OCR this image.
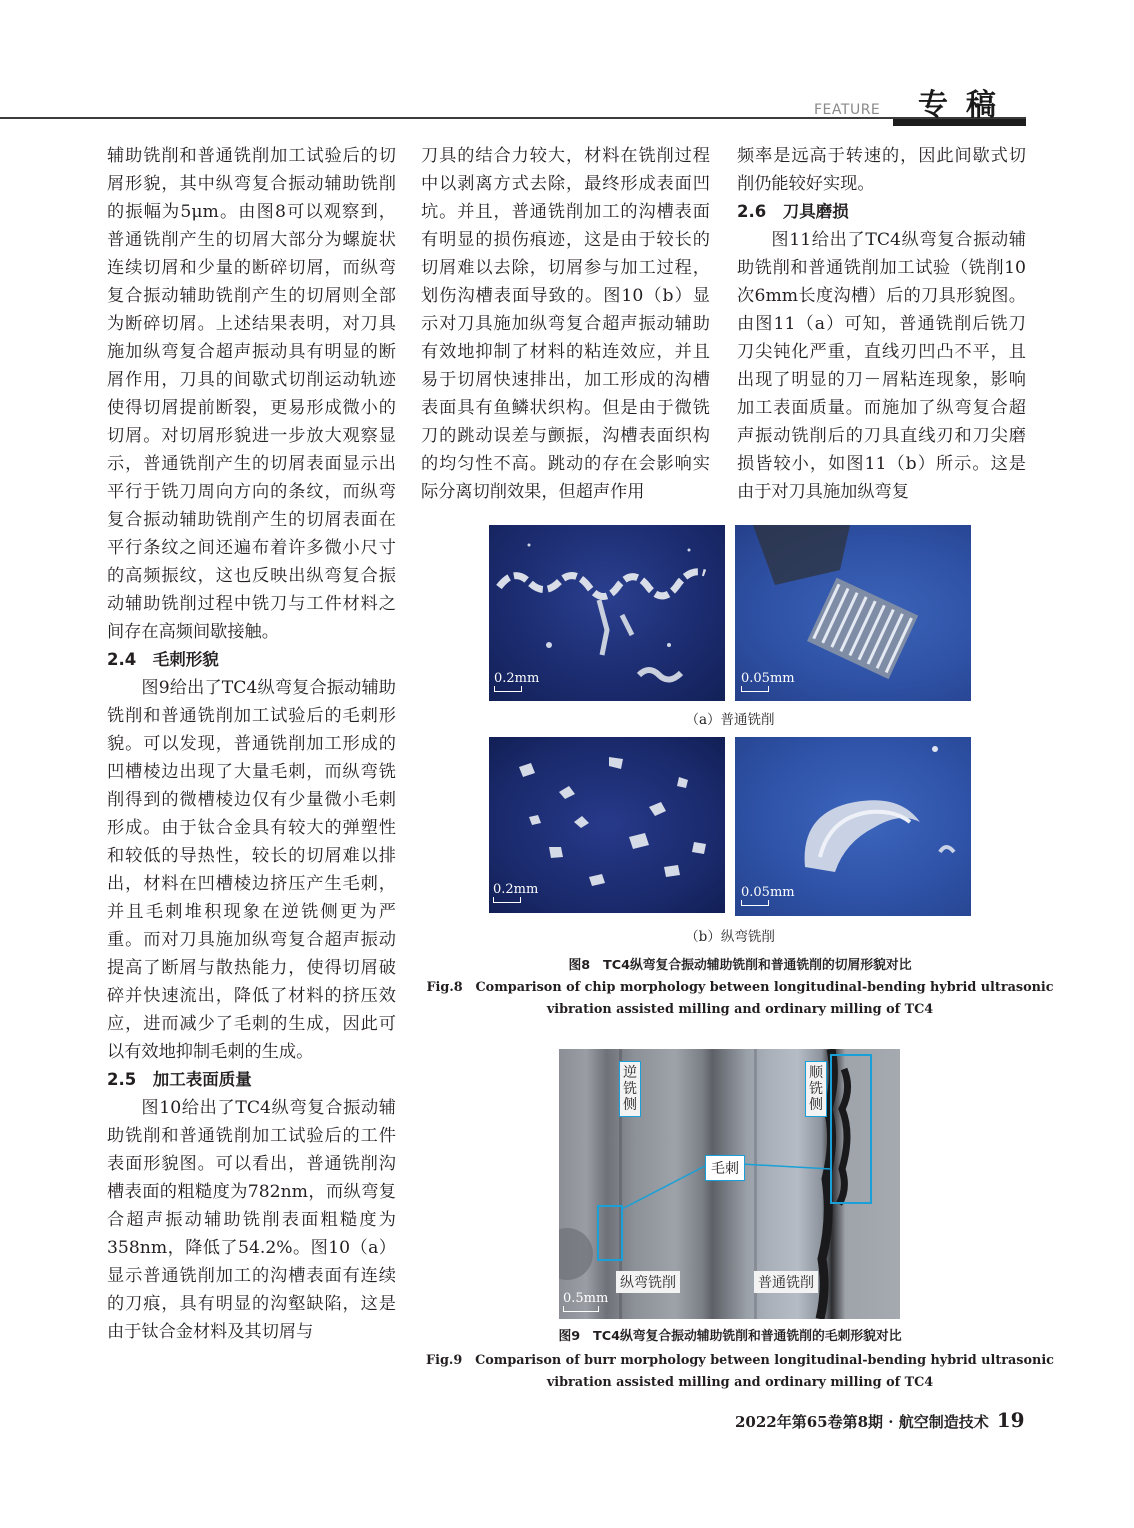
FEATURE 专稿

辅助铣削和普通铣削加工试验后的切屑形貌，其中纵弯复合振动辅助铣削的振幅为5μm。由图8可以观察到，普通铣削产生的切屑大部分为螺旋状连续切屑和少量的断碎切屑，而纵弯复合振动辅助铣削产生的切屑则全部为断碎切屑。上述结果表明，对刀具施加纵弯复合超声振动具有明显的断屑作用，刀具的间歇式切削运动轨迹使得切屑提前断裂，更易形成微小的切屑。对切屑形貌进一步放大观察显示，普通铣削产生的切屑表面显示出平行于铣刀周向方向的条纹，而纵弯复合振动辅助铣削产生的切屑表面在平行条纹之间还遍布着许多微小尺寸的高频振纹，这也反映出纵弯复合振动辅助铣削过程中铣刀与工件材料之间存在高频间歇接触。

2.4　毛刺形貌

图9给出了TC4纵弯复合振动辅助铣削和普通铣削加工试验后的毛刺形貌。可以发现，普通铣削加工形成的凹槽棱边出现了大量毛刺，而纵弯铣削得到的微槽棱边仅有少量微小毛刺形成。由于钛合金具有较大的弹塑性和较低的导热性，较长的切屑难以排出，材料在凹槽棱边挤压产生毛刺，并且毛刺堆积现象在逆铣侧更为严重。而对刀具施加纵弯复合超声振动提高了断屑与散热能力，使得切屑破碎并快速流出，降低了材料的挤压效应，进而减少了毛刺的生成，因此可以有效地抑制毛刺的生成。

2.5　加工表面质量

图10给出了TC4纵弯复合振动辅助铣削和普通铣削加工试验后的工件表面形貌图。可以看出，普通铣削沟槽表面的粗糙度为782nm，而纵弯复合超声振动辅助铣削表面粗糙度为358nm，降低了54.2%。图10（a）显示普通铣削加工的沟槽表面有连续的刀痕，具有明显的沟壑缺陷，这是由于钛合金材料及其切屑与

刀具的结合力较大，材料在铣削过程中以剥离方式去除，最终形成表面凹坑。并且，普通铣削加工的沟槽表面有明显的损伤痕迹，这是由于较长的切屑难以去除，切屑参与加工过程，划伤沟槽表面导致的。图10（b）显示对刀具施加纵弯复合超声振动辅助有效地抑制了材料的粘连效应，并且易于切屑快速排出，加工形成的沟槽表面具有鱼鳞状织构。但是由于微铣刀的跳动误差与颤振，沟槽表面织构的均匀性不高。跳动的存在会影响实际分离切削效果，但超声作用

频率是远高于转速的，因此间歇式切削仍能较好实现。

2.6　刀具磨损

图11给出了TC4纵弯复合振动辅助铣削和普通铣削加工试验（铣削10次6mm长度沟槽）后的刀具形貌图。由图11（a）可知，普通铣削后铣刀刀尖钝化严重，直线刃凹凸不平，且出现了明显的刀－屑粘连现象，影响加工表面质量。而施加了纵弯复合超声振动铣削后的刀具直线刃和刀尖磨损皆较小，如图11（b）所示。这是由于对刀具施加纵弯复

0.2mm	0.05mm
（a）普通铣削
0.2mm	0.05mm
（b）纵弯铣削
图8　TC4纵弯复合振动辅助铣削和普通铣削的切屑形貌对比
Fig.8　Comparison of chip morphology between longitudinal-bending hybrid ultrasonic
vibration assisted milling and ordinary milling of TC4
逆铣侧
顺铣侧
毛刺
纵弯铣削	普通铣削
0.5mm
图9　TC4纵弯复合振动辅助铣削和普通铣削的毛刺形貌对比
Fig.9　Comparison of burr morphology between longitudinal-bending hybrid ultrasonic
vibration assisted milling and ordinary milling of TC4
2022年第65卷第8期 · 航空制造技术 19
